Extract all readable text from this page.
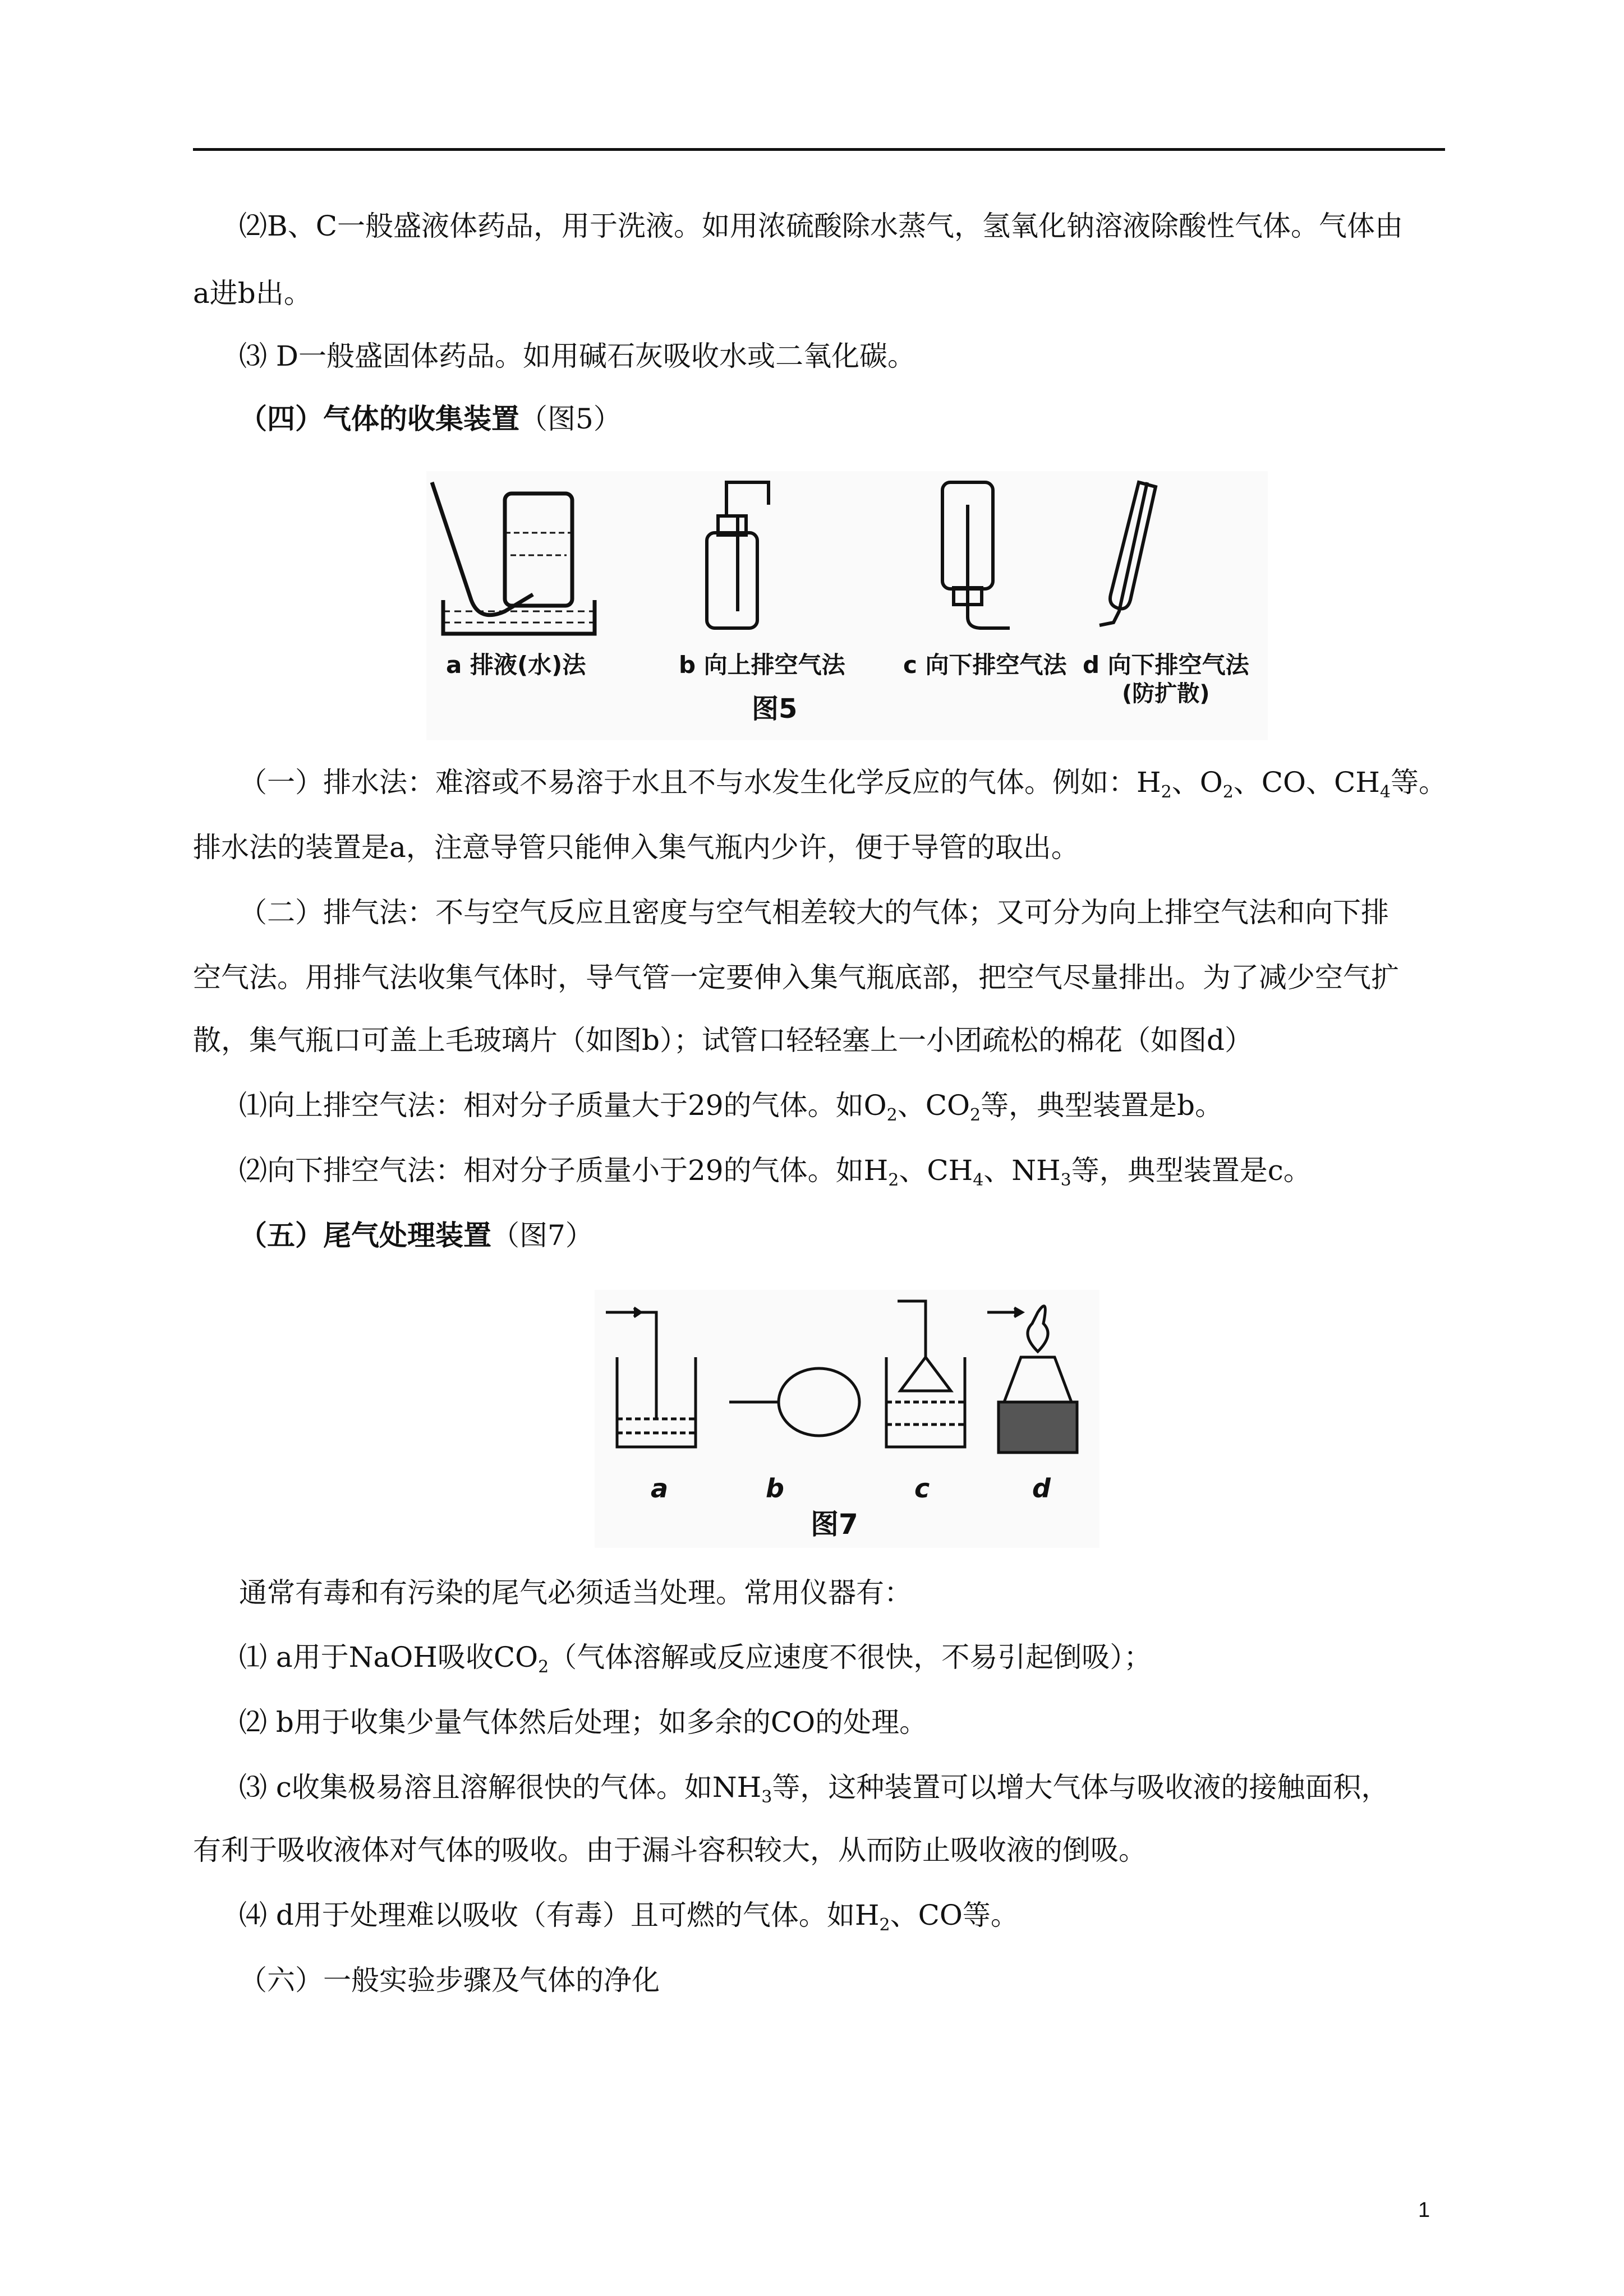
⑵B、C一般盛液体药品，用于洗液。如用浓硫酸除水蒸气，氢氧化钠溶液除酸性气体。气体由
a进b出。
⑶ D一般盛固体药品。如用碱石灰吸收水或二氧化碳。
（四）气体的收集装置（图5）
a 排液(水)法	b 向上排空气法 c 向下排空气法 d 向下排空气法
(防扩散)
图5
（一）排水法：难溶或不易溶于水且不与水发生化学反应的气体。例如：$H_2$、$O_2$、CO、$CH_4$等。
排水法的装置是a，注意导管只能伸入集气瓶内少许，便于导管的取出。
（二）排气法：不与空气反应且密度与空气相差较大的气体；又可分为向上排空气法和向下排
空气法。用排气法收集气体时，导气管一定要伸入集气瓶底部，把空气尽量排出。为了减少空气扩
散，集气瓶口可盖上毛玻璃片（如图b）；试管口轻轻塞上一小团疏松的棉花（如图d）
⑴向上排空气法：相对分子质量大于29的气体。如$O_2$、$CO_2$等，典型装置是b。
⑵向下排空气法：相对分子质量小于29的气体。如$H_2$、$CH_4$、$NH_3$等，典型装置是c。
（五）尾气处理装置（图7）
a	b	c	d
图7
通常有毒和有污染的尾气必须适当处理。常用仪器有：
⑴ a用于NaOH吸收$CO_2$（气体溶解或反应速度不很快，不易引起倒吸）；
⑵ b用于收集少量气体然后处理；如多余的CO的处理。
⑶ c收集极易溶且溶解很快的气体。如$NH_3$等，这种装置可以增大气体与吸收液的接触面积，
有利于吸收液体对气体的吸收。由于漏斗容积较大，从而防止吸收液的倒吸。
⑷ d用于处理难以吸收（有毒）且可燃的气体。如$H_2$、CO等。
（六）一般实验步骤及气体的净化
1
